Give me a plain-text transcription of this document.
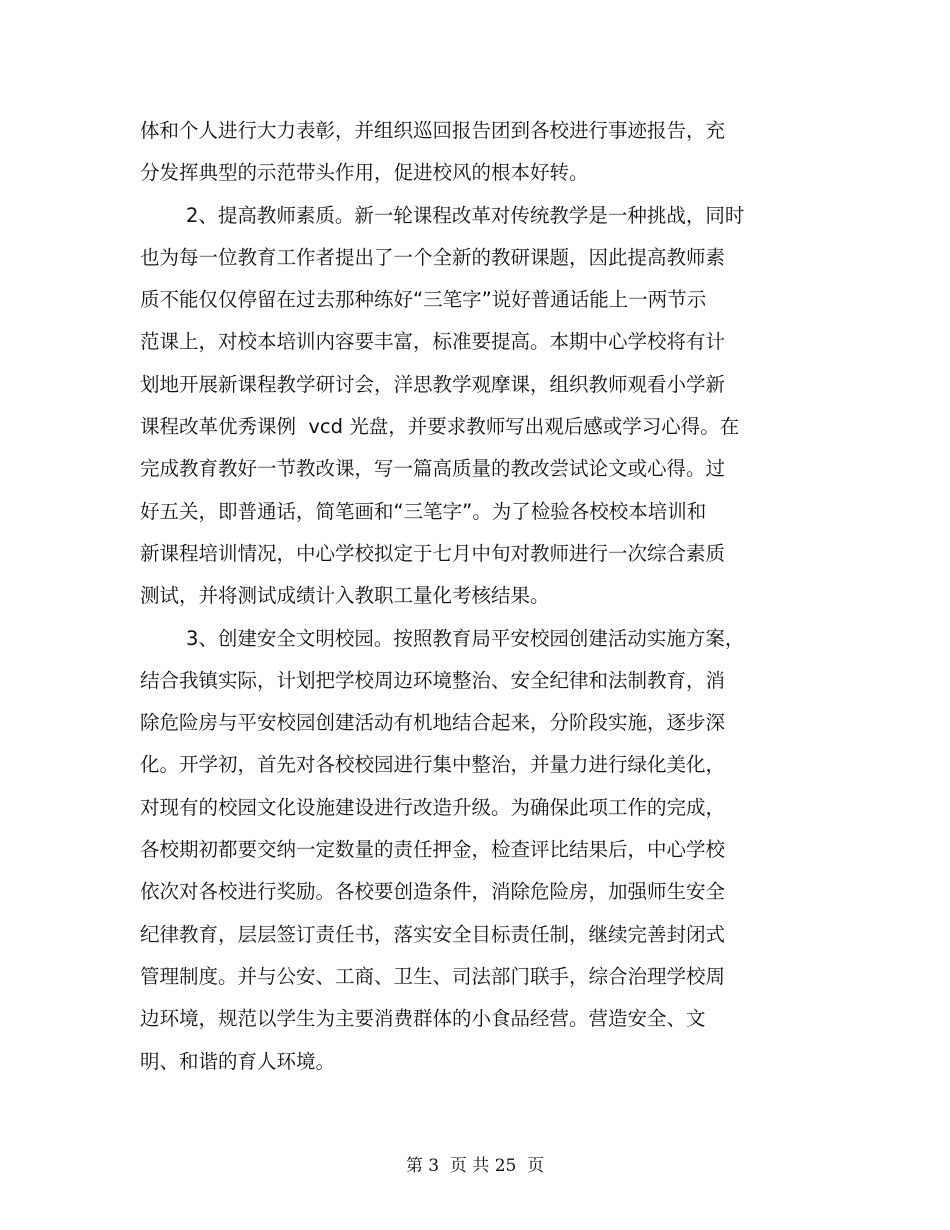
体和个人进行大力表彰，并组织巡回报告团到各校进行事迹报告，充
分发挥典型的示范带头作用，促进校风的根本好转。
2、提高教师素质。新一轮课程改革对传统教学是一种挑战，同时
也为每一位教育工作者提出了一个全新的教研课题，因此提高教师素
质不能仅仅停留在过去那种练好“三笔字”说好普通话能上一两节示
范课上，对校本培训内容要丰富，标准要提高。本期中心学校将有计
划地开展新课程教学研讨会，洋思教学观摩课，组织教师观看小学新
课程改革优秀课例  vcd 光盘，并要求教师写出观后感或学习心得。在
完成教育教好一节教改课，写一篇高质量的教改尝试论文或心得。过
好五关，即普通话，简笔画和“三笔字”。为了检验各校校本培训和
新课程培训情况，中心学校拟定于七月中旬对教师进行一次综合素质
测试，并将测试成绩计入教职工量化考核结果。
3、创建安全文明校园。按照教育局平安校园创建活动实施方案，
结合我镇实际，计划把学校周边环境整治、安全纪律和法制教育，消
除危险房与平安校园创建活动有机地结合起来，分阶段实施，逐步深
化。开学初，首先对各校校园进行集中整治，并量力进行绿化美化，
对现有的校园文化设施建设进行改造升级。为确保此项工作的完成，
各校期初都要交纳一定数量的责任押金，检查评比结果后，中心学校
依次对各校进行奖励。各校要创造条件，消除危险房，加强师生安全
纪律教育，层层签订责任书，落实安全目标责任制，继续完善封闭式
管理制度。并与公安、工商、卫生、司法部门联手，综合治理学校周
边环境，规范以学生为主要消费群体的小食品经营。营造安全、文
明、和谐的育人环境。
第 3  页 共 25  页
